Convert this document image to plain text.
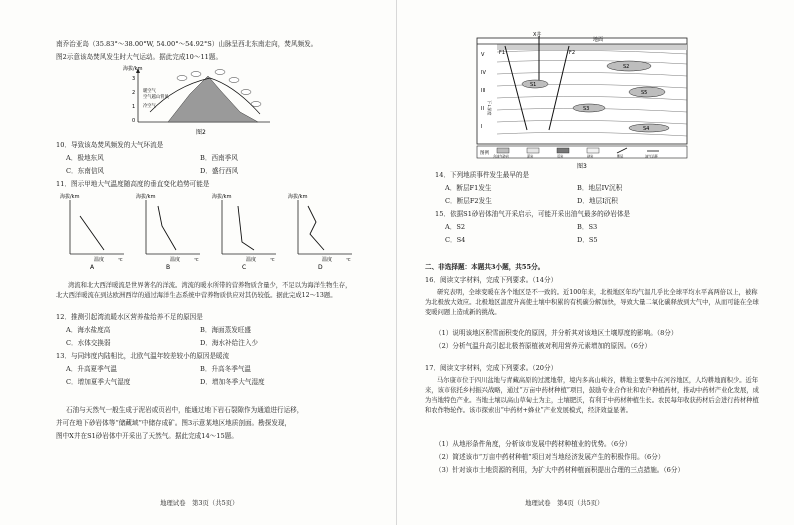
南乔治亚岛（35.83°～38.00°W, 54.00°～54.92°S）山脉呈西北东南走向，焚风频发。
图2示意该岛焚风发生时大气运动。据此完成10～11题。
海拔/km
3
2
1
0
暖空气
空气越山背风
冷空气
图2
10．导致该岛焚风频发的大气环流是
A．极地东风	B．西南季风
C．东南信风	D．盛行西风
11．图示甲地大气温度随高度的垂直变化趋势可能是
海拔/km
温度	℃
A
海拔/km
温度	℃
B
海拔/km
温度	℃
C
海拔/km
温度	℃
D
湾流和北大西洋暖流是世界著名的洋流。湾流的暖水所带的营养物质含量少，不足以为海洋生物生存，北大西洋暖流在到达欧洲西岸的通过海洋生态系统中营养物质供应对其仍较低。据此完成12～13题。
12．推测引起湾流暖水区营养盐给养不足的原因是
A．海水盐度高	B．海面蒸发旺盛
C．水体交换弱	D．海水补给注入少
13．与同纬度内陆相比，北欧气温年较差较小的原因是暖流
A．升高夏季气温	B．升高冬季气温
C．增加夏季大气湿度	D．增加冬季大气湿度
石油与天然气一般生成于泥岩或页岩中，能通过地下岩石裂隙作为通道进行运移，
并可在地下砂岩体等“储藏域”中储存成矿。图3示意某地区地质剖面。勘探发现，
图中X井在S1砂岩体中开采出了天然气。据此完成14～15题。
地理试卷　第3页（共5页）
地面
X井
F1	F2
S1
S2
S3
S4
S5
V
IV
III
II
I
下↓深度
图例
含油气砂岩	泥岩	页岩	砂岩	断层	油气运移
图3
14．下列地质事件发生最早的是
A．断层F1发生	B．地层IV沉积
C．断层F2发生	D．地层I沉积
15．依据S1砂岩体油气开采启示，可能开采出油气最多的砂岩体是
A．S2	B．S3
C．S4	D．S5
二、非选择题：本题共3小题，共55分。
16．阅读文字材料，完成下列要求。（14分）
研究表明，全球变暖在各个地区是不一致的。近100年来，北极地区年均气温几乎比全球平均水平高两倍以上，被称为北极放大效应。北极地区温度升高使土壤中积累的有机碳分解加快，导致大量二氧化碳释放到大气中，从而可能在全球变暖问题上造成新的挑战。
（1）说明该地区积雪面积变化的原因，并分析其对该地区土壤厚度的影响。（8分）
（2）分析气温升高引起北极苔原植被对利用营养元素增加的原因。（6分）
17．阅读文字材料，完成下列要求。（20分）
马尔康市位于四川盆地与青藏高原的过渡地带，境内多高山峡谷，耕地主要集中在河谷地区，人均耕地面积少。近年来，该市依托乡村振兴战略，通过“万亩中药材种植”项目，鼓励专业合作社和农户种植药材，推动中药材产业化发展，成为当地特色产业。当地土壤以高山草甸土为主，土壤肥沃，有利于中药材种植生长。农民每年收获药材后会进行药材种植和农作物轮作。该市探索出“中药材+蜂业”产业发展模式，经济效益显著。
（1）从地形条件角度，分析该市发展中药材种植业的优势。（6分）
（2）简述该市“万亩中药材种植”项目对当地经济发展产生的积极作用。（6分）
（3）针对该市土地资源的利用，为扩大中药材种植面积提出合理的三点措施。（6分）
地理试卷　第4页（共5页）
